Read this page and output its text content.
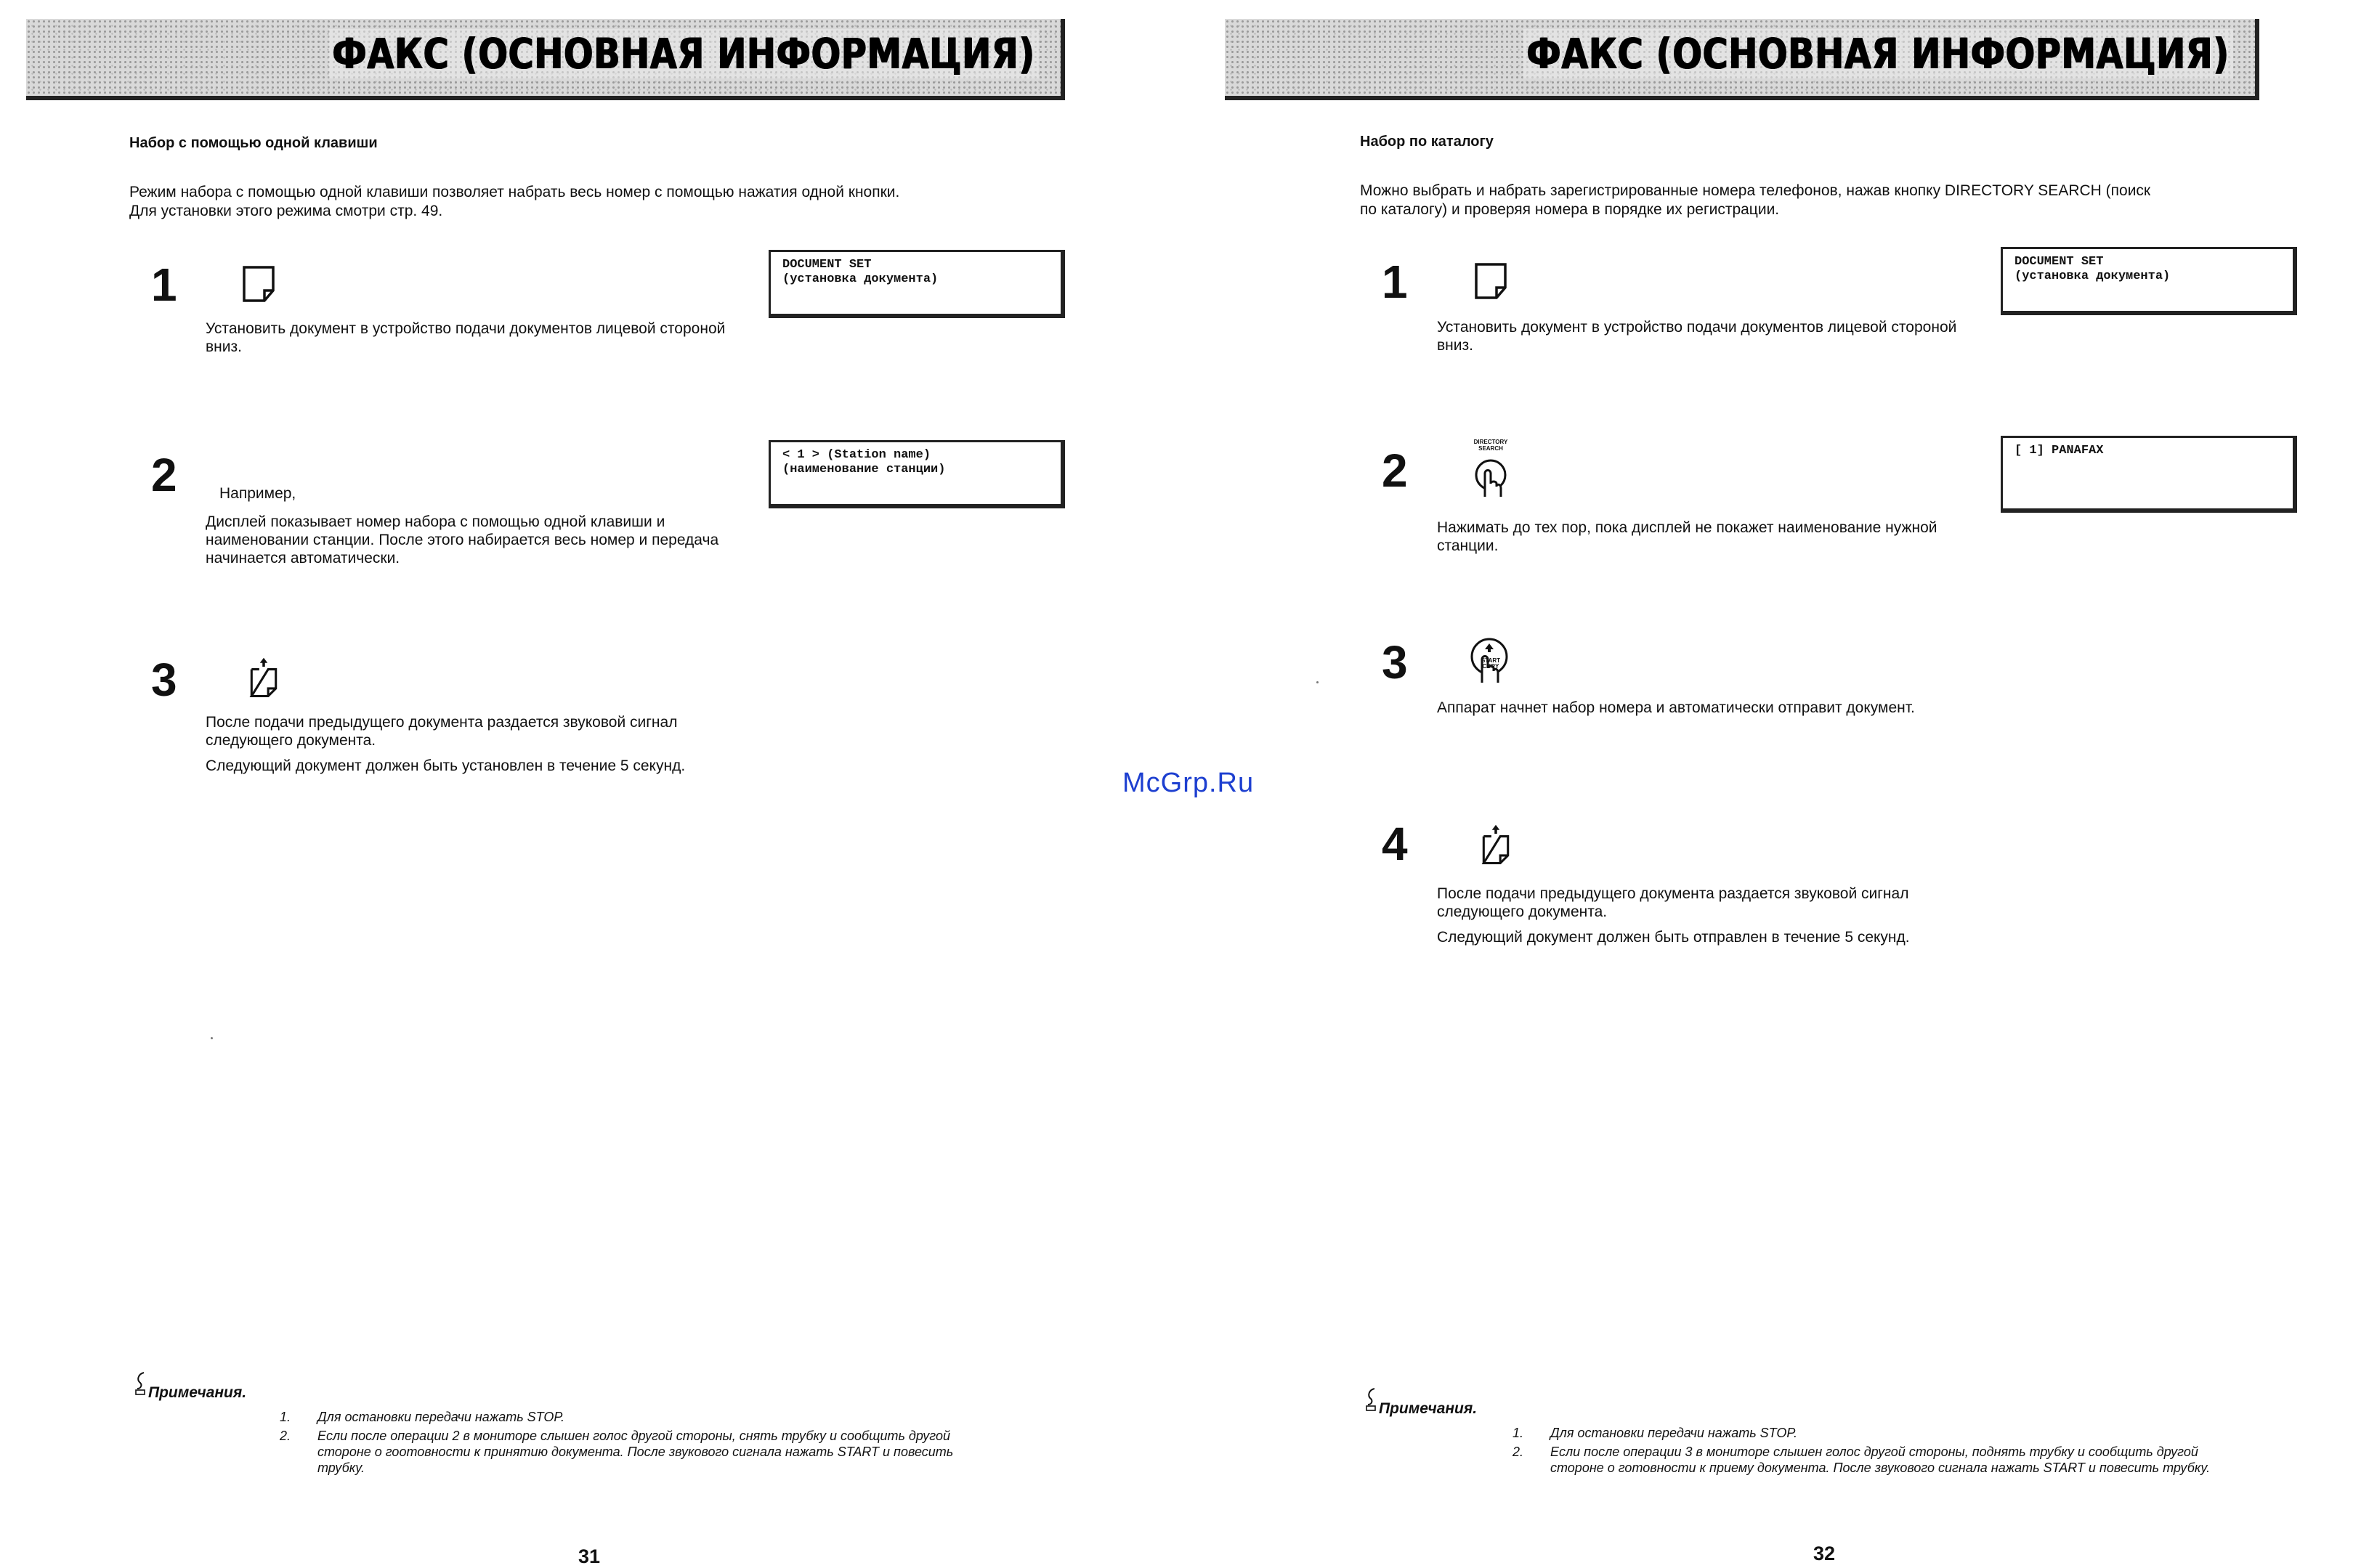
ФАКС (ОСНОВНАЯ ИНФОРМАЦИЯ)
Набор с помощью одной клавиши
Режим набора с помощью одной клавиши позволяет набрать весь номер с помощью нажатия одной кнопки.
Для установки этого режима смотри стр. 49.
1

Установить документ в устройство подачи документов лицевой стороной вниз.

DOCUMENT SET
(установка документа)
2	Например,

Дисплей показывает номер набора с помощью одной клавиши и наименовании станции. После этого набирается весь номер и передача начинается автоматически.

< 1 > (Station name)
(наименование станции)
3

После подачи предыдущего документа раздается звуковой сигнал следующего документа.

Следующий документ должен быть установлен в течение 5 секунд.

Примечания.
1.	Для остановки передачи нажать STOP.
2.	Если после операции 2 в мониторе слышен голос другой стороны, снять трубку и сообщить другой стороне о гоотовности к принятию документа. После звукового сигнала нажать START и повесить трубку.
31
ФАКС (ОСНОВНАЯ ИНФОРМАЦИЯ)
Набор по каталогу
Можно выбрать и набрать зарегистрированные номера телефонов, нажав кнопку DIRECTORY SEARCH (поиск
по каталогу) и проверяя номера в порядке их регистрации.
1

Установить документ в устройство подачи документов лицевой стороной вниз.

DOCUMENT SET
(установка документа)
2
DIRECTORY SEARCH

Нажимать до тех пор, пока дисплей не покажет наименование нужной станции.

[ 1] PANAFAX
3	START COPY

Аппарат начнет набор номера и автоматически отправит документ.

4

После подачи предыдущего документа раздается звуковой сигнал следующего документа.

Следующий документ должен быть отправлен в течение 5 секунд.

Примечания.
1.	Для остановки передачи нажать STOP.
2.	Если после операции 3 в мониторе слышен голос другой стороны, поднять трубку и сообщить другой стороне о готовности к приему документа. После звукового сигнала нажать START и повесить трубку.
32
McGrp.Ru
